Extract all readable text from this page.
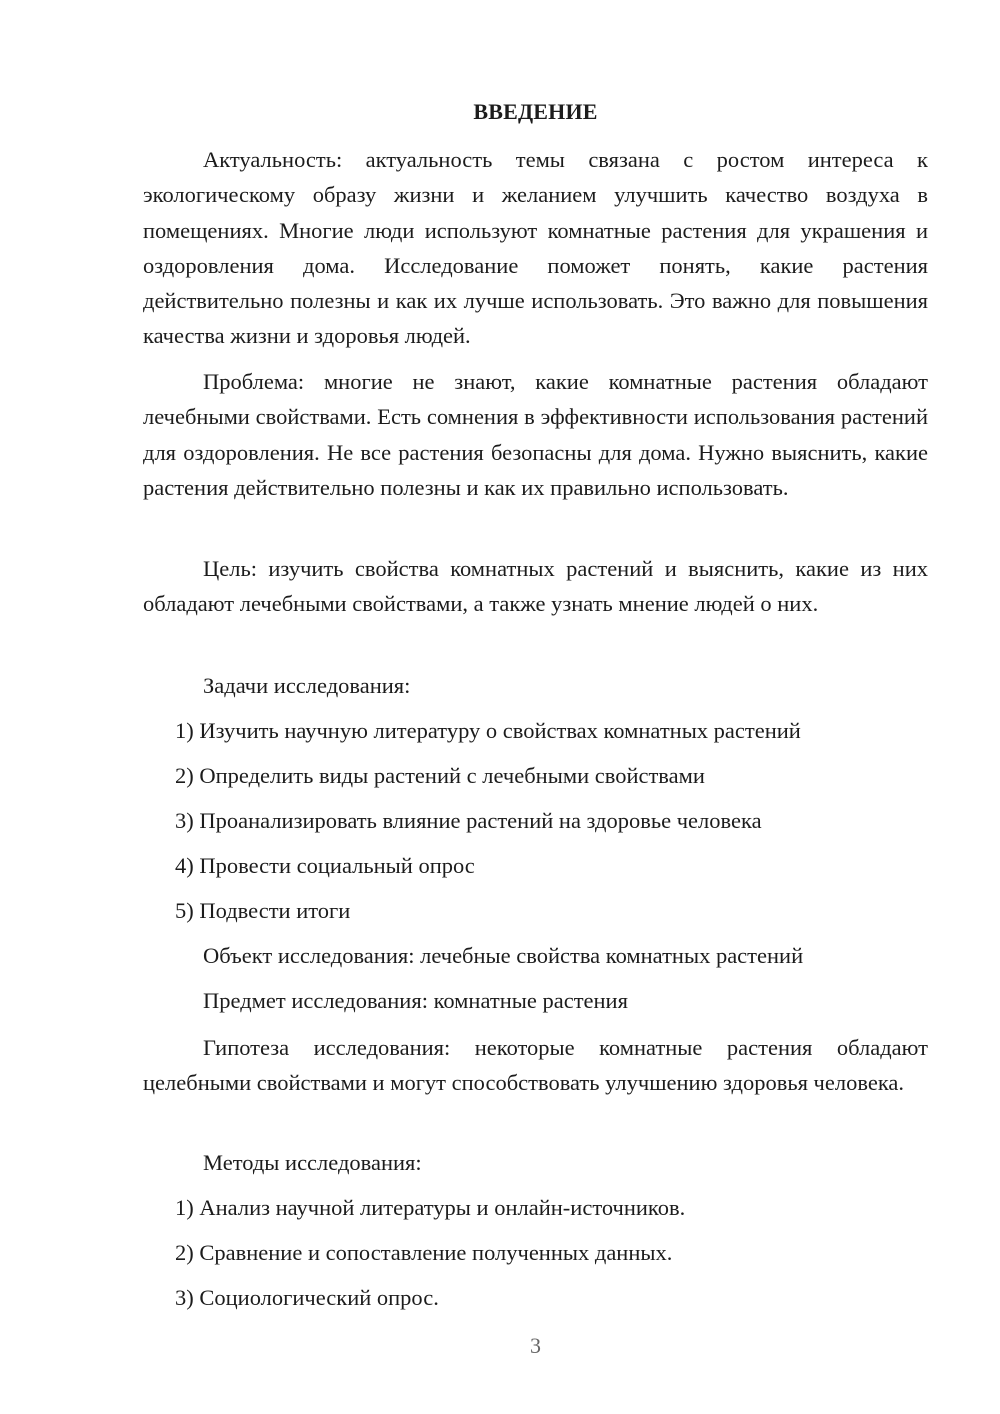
ВВЕДЕНИЕ

Актуальность: актуальность темы связана с ростом интереса к экологическому образу жизни и желанием улучшить качество воздуха в помещениях. Многие люди используют комнатные растения для украшения и оздоровления дома. Исследование поможет понять, какие растения действительно полезны и как их лучше использовать. Это важно для повышения качества жизни и здоровья людей.

Проблема: многие не знают, какие комнатные растения обладают лечебными свойствами. Есть сомнения в эффективности использования растений для оздоровления. Не все растения безопасны для дома. Нужно выяснить, какие растения действительно полезны и как их правильно использовать.

Цель: изучить свойства комнатных растений и выяснить, какие из них обладают лечебными свойствами, а также узнать мнение людей о них.

Задачи исследования:
1) Изучить научную литературу о свойствах комнатных растений
2) Определить виды растений с лечебными свойствами
3) Проанализировать влияние растений на здоровье человека
4) Провести социальный опрос
5) Подвести итоги
Объект исследования: лечебные свойства комнатных растений
Предмет исследования: комнатные растения

Гипотеза исследования: некоторые комнатные растения обладают целебными свойствами и могут способствовать улучшению здоровья человека.

Методы исследования:
1) Анализ научной литературы и онлайн-источников.
2) Сравнение и сопоставление полученных данных.
3) Социологический опрос.
3
